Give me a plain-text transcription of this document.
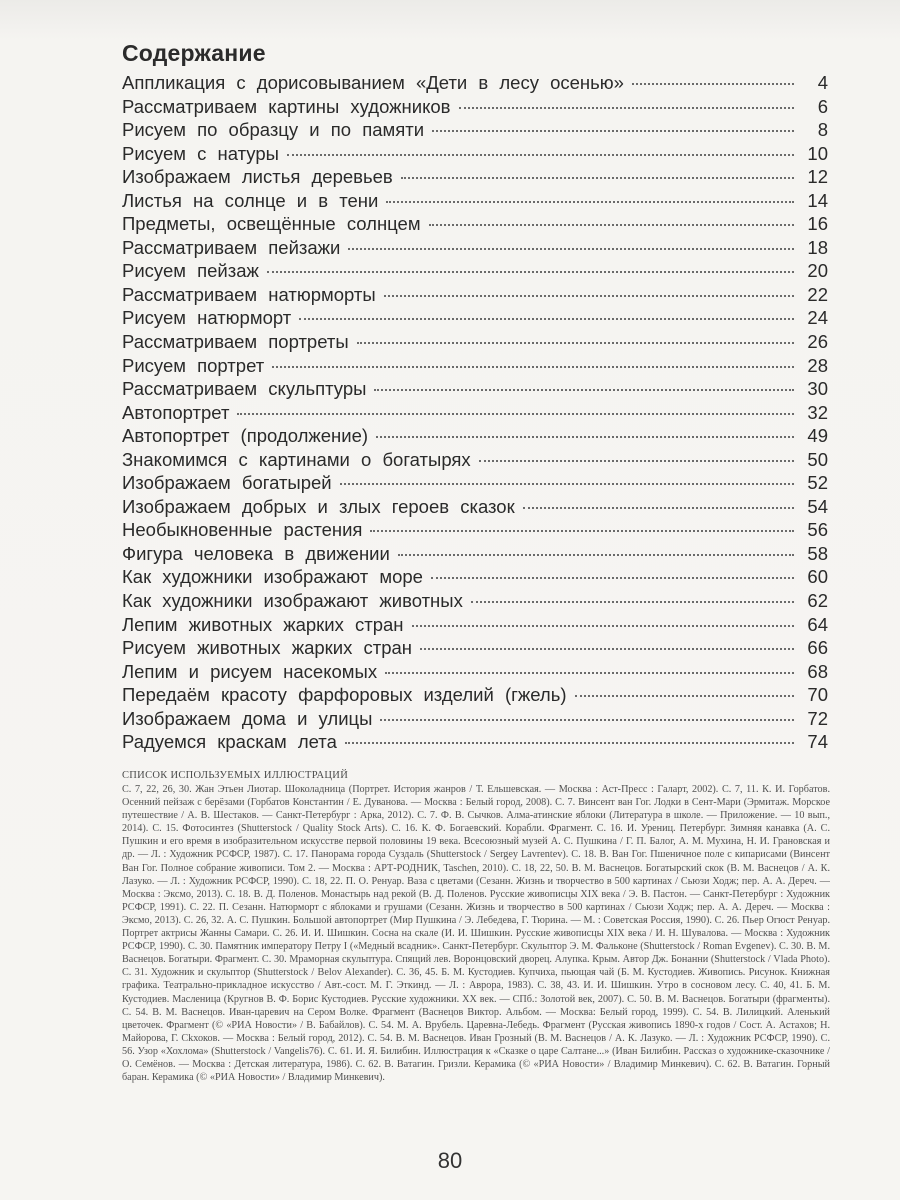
Содержание
Аппликация с дорисовыванием «Дети в лесу осенью»	4
Рассматриваем картины художников	6
Рисуем по образцу и по памяти	8
Рисуем с натуры	10
Изображаем листья деревьев	12
Листья на солнце и в тени	14
Предметы, освещённые солнцем	16
Рассматриваем пейзажи	18
Рисуем пейзаж	20
Рассматриваем натюрморты	22
Рисуем натюрморт	24
Рассматриваем портреты	26
Рисуем портрет	28
Рассматриваем скульптуры	30
Автопортрет	32
Автопортрет (продолжение)	49
Знакомимся с картинами о богатырях	50
Изображаем богатырей	52
Изображаем добрых и злых героев сказок	54
Необыкновенные растения	56
Фигура человека в движении	58
Как художники изображают море	60
Как художники изображают животных	62
Лепим животных жарких стран	64
Рисуем животных жарких стран	66
Лепим и рисуем насекомых	68
Передаём красоту фарфоровых изделий (гжель)	70
Изображаем дома и улицы	72
Радуемся краскам лета	74
СПИСОК ИСПОЛЬЗУЕМЫХ ИЛЛЮСТРАЦИЙ
С. 7, 22, 26, 30. Жан Этьен Лиотар. Шоколадница (Портрет. История жанров / Т. Ельшевская. — Москва : Аст-Пресс : Галарт, 2002). С. 7, 11. К. И. Горбатов. Осенний пейзаж с берёзами (Горбатов Константин / Е. Дуванова. — Москва : Белый город, 2008). С. 7. Винсент ван Гог. Лодки в Сент-Мари (Эрмитаж. Морское путешествие / А. В. Шестаков. — Санкт-Петербург : Арка, 2012). С. 7. Ф. В. Сычков. Алма-атинские яблоки (Литература в школе. — Приложение. — 10 вып., 2014). С. 15. Фотосинтез (Shutterstock / Quality Stock Arts). С. 16. К. Ф. Богаевский. Корабли. Фрагмент. С. 16. И. Урениц. Петербург. Зимняя канавка (А. С. Пушкин и его время в изобразительном искусстве первой половины 19 века. Всесоюзный музей А. С. Пушкина / Г. П. Балог, А. М. Мухина, Н. И. Грановская и др. — Л. : Художник РСФСР, 1987). С. 17. Панорама города Суздаль (Shutterstock / Sergey Lavrentev). С. 18. В. Ван Гог. Пшеничное поле с кипарисами (Винсент Ван Гог. Полное собрание живописи. Том 2. — Москва : АРТ-РОДНИК, Taschen, 2010). С. 18, 22, 50. В. М. Васнецов. Богатырский скок (В. М. Васнецов / А. К. Лазуко. — Л. : Художник РСФСР, 1990). С. 18, 22. П. О. Ренуар. Ваза с цветами (Сезанн. Жизнь и творчество в 500 картинах / Сьюзи Ходж; пер. А. А. Дереч. — Москва : Эксмо, 2013). С. 18. В. Д. Поленов. Монастырь над рекой (В. Д. Поленов. Русские живописцы XIX века / Э. В. Пастон. — Санкт-Петербург : Художник РСФСР, 1991). С. 22. П. Сезанн. Натюрморт с яблоками и грушами (Сезанн. Жизнь и творчество в 500 картинах / Сьюзи Ходж; пер. А. А. Дереч. — Москва : Эксмо, 2013). С. 26, 32. А. С. Пушкин. Большой автопортрет (Мир Пушкина / Э. Лебедева, Г. Тюрина. — М. : Советская Россия, 1990). С. 26. Пьер Огюст Ренуар. Портрет актрисы Жанны Самари. С. 26. И. И. Шишкин. Сосна на скале (И. И. Шишкин. Русские живописцы XIX века / И. Н. Шувалова. — Москва : Художник РСФСР, 1990). С. 30. Памятник императору Петру I («Медный всадник». Санкт-Петербург. Скульптор Э. М. Фальконе (Shutterstock / Roman Evgenev). С. 30. В. М. Васнецов. Богатыри. Фрагмент. С. 30. Мраморная скульптура. Спящий лев. Воронцовский дворец. Алупка. Крым. Автор Дж. Бонанни (Shutterstock / Vlada Photo). С. 31. Художник и скульптор (Shutterstock / Belov Alexander). С. 36, 45. Б. М. Кустодиев. Купчиха, пьющая чай (Б. М. Кустодиев. Живопись. Рисунок. Книжная графика. Театрально-прикладное искусство / Авт.-сост. М. Г. Эткинд. — Л. : Аврора, 1983). С. 38, 43. И. И. Шишкин. Утро в сосновом лесу. С. 40, 41. Б. М. Кустодиев. Масленица (Кругнов В. Ф. Борис Кустодиев. Русские художники. XX век. — СПб.: Золотой век, 2007). С. 50. В. М. Васнецов. Богатыри (фрагменты). С. 54. В. М. Васнецов. Иван-царевич на Сером Волке. Фрагмент (Васнецов Виктор. Альбом. — Москва: Белый город, 1999). С. 54. В. Лилицкий. Аленький цветочек. Фрагмент (© «РИА Новости» / В. Бабайлов). С. 54. М. А. Врубель. Царевна-Лебедь. Фрагмент (Русская живопись 1890-х годов / Сост. А. Астахов; Н. Майорова, Г. Сkхоков. — Москва : Белый город, 2012). С. 54. В. М. Васнецов. Иван Грозный (В. М. Васнецов / А. К. Лазуко. — Л. : Художник РСФСР, 1990). С. 56. Узор «Хохлома» (Shutterstock / Vangelis76). С. 61. И. Я. Билибин. Иллюстрация к «Сказке о царе Салтане...» (Иван Билибин. Рассказ о художнике-сказочнике / О. Семёнов. — Москва : Детская литература, 1986). С. 62. В. Ватагин. Гризли. Керамика (© «РИА Новости» / Владимир Минкевич). С. 62. В. Ватагин. Горный баран. Керамика (© «РИА Новости» / Владимир Минкевич).
80
